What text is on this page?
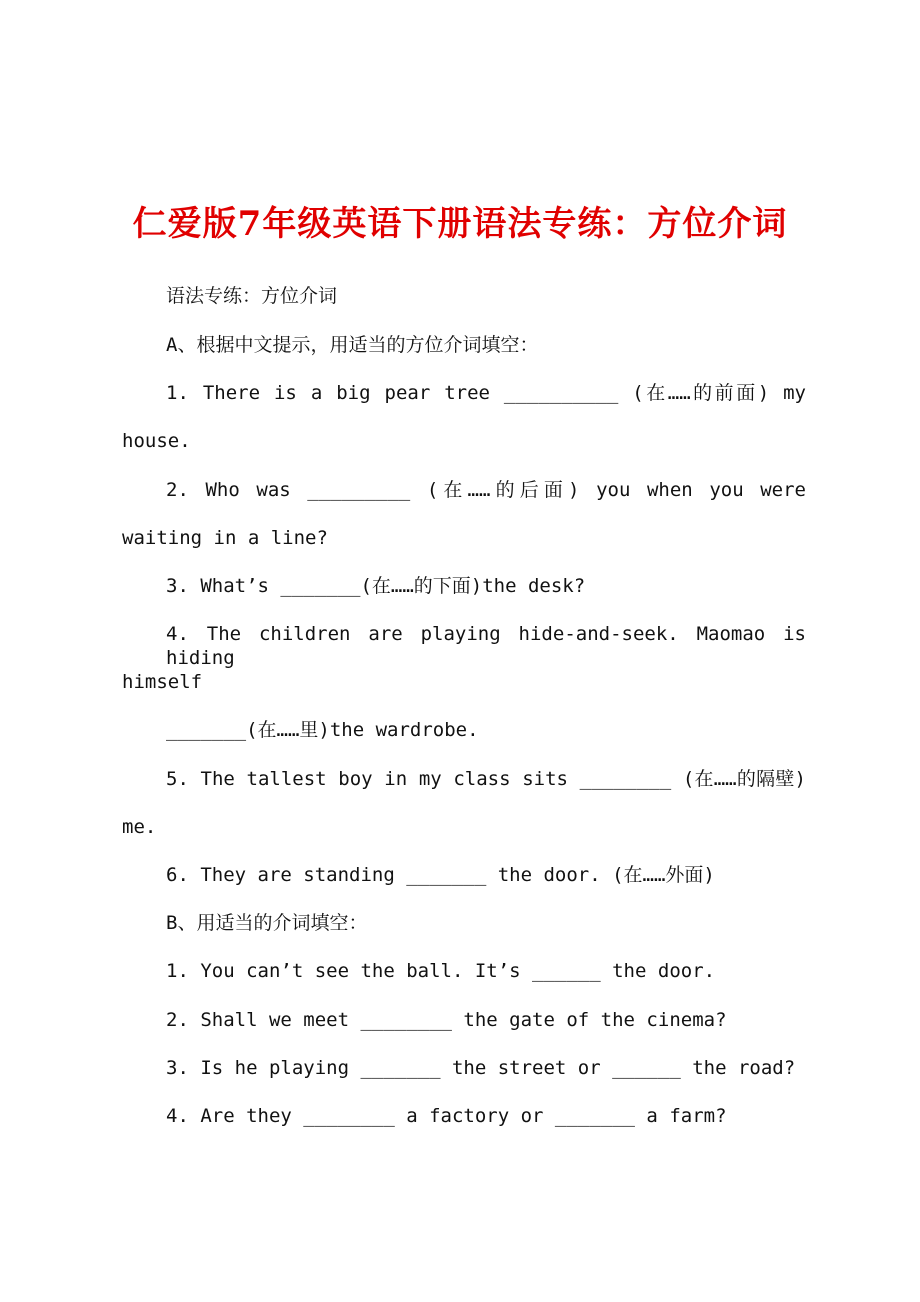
仁爱版7年级英语下册语法专练：方位介词
语法专练：方位介词
A、根据中文提示，用适当的方位介词填空：
1. There is a big pear tree __________ (在……的前面) my
house.
2. Who was _________ (在……的后面) you when you were
waiting in a line?
3. What’s _______(在……的下面)the desk?
4. The children are playing hide-and-seek. Maomao is hiding
himself
_______(在……里)the wardrobe.
5. The tallest boy in my class sits ________ (在……的隔壁)
me.
6. They are standing _______ the door. (在……外面)
B、用适当的介词填空：
1. You can’t see the ball. It’s ______ the door.
2. Shall we meet ________ the gate of the cinema?
3. Is he playing _______ the street or ______ the road?
4. Are they ________ a factory or _______ a farm?
